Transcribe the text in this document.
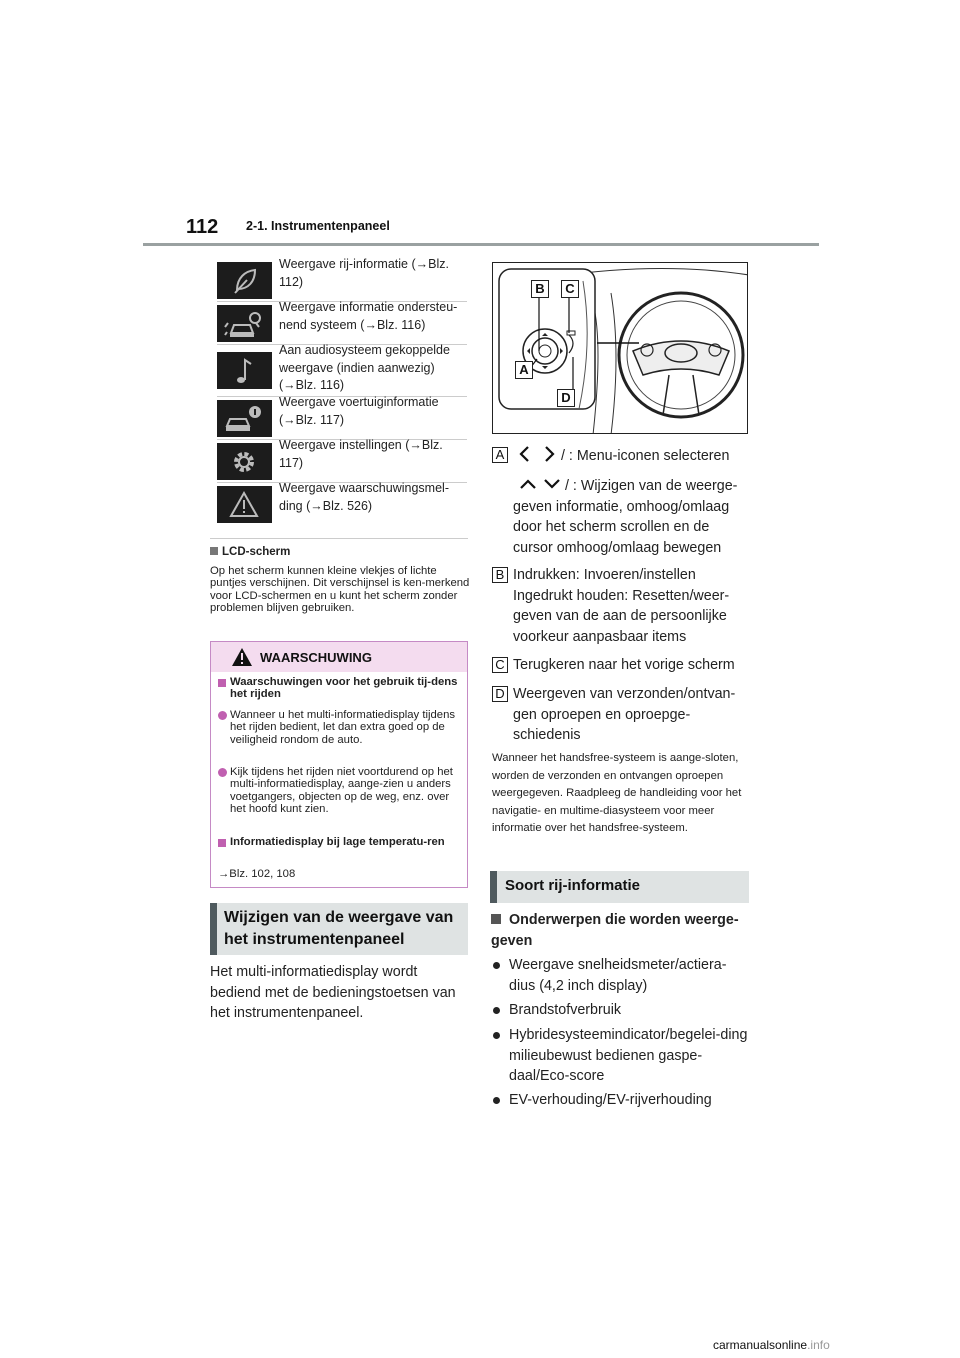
112 2-1. Instrumentenpaneel
Weergave rij-informatie (→Blz. 112)
Weergave informatie ondersteu-nend systeem (→Blz. 116)
Aan audiosysteem gekoppelde weergave (indien aanwezig) (→Blz. 116)
Weergave voertuiginformatie (→Blz. 117)
Weergave instellingen (→Blz. 117)
Weergave waarschuwingsmel-ding (→Blz. 526)
LCD-scherm
Op het scherm kunnen kleine vlekjes of lichte puntjes verschijnen. Dit verschijnsel is ken-merkend voor LCD-schermen en u kunt het scherm zonder problemen blijven gebruiken.
WAARSCHUWING
Waarschuwingen voor het gebruik tij-dens het rijden
Wanneer u het multi-informatiedisplay tijdens het rijden bedient, let dan extra goed op de veiligheid rondom de auto.
Kijk tijdens het rijden niet voortdurend op het multi-informatiedisplay, aange-zien u anders voetgangers, objecten op de weg, enz. over het hoofd kunt zien.
Informatiedisplay bij lage temperatu-ren
→Blz. 102, 108
Wijzigen van de weergave van het instrumentenpaneel
Het multi-informatiedisplay wordt bediend met de bedieningstoetsen van het instrumentenpaneel.
B	C
A
D
A	/ : Menu-iconen selecteren
/ : Wijzigen van de weerge-geven informatie, omhoog/omlaag door het scherm scrollen en de cursor omhoog/omlaag bewegen
B Indrukken: Invoeren/instellen Ingedrukt houden: Resetten/weer-geven van de aan de persoonlijke voorkeur aanpasbaar items
C Terugkeren naar het vorige scherm
D Weergeven van verzonden/ontvan-gen oproepen en oproepge-schiedenis
Wanneer het handsfree-systeem is aange-sloten, worden de verzonden en ontvangen oproepen weergegeven. Raadpleeg de handleiding voor het navigatie- en multime-diasysteem voor meer informatie over het handsfree-systeem.
Soort rij-informatie
Onderwerpen die worden weerge-geven
Weergave snelheidsmeter/actiera-dius (4,2 inch display)
Brandstofverbruik
Hybridesysteemindicator/begelei-ding milieubewust bedienen gaspe-daal/Eco-score
EV-verhouding/EV-rijverhouding
carmanualsonline.info
